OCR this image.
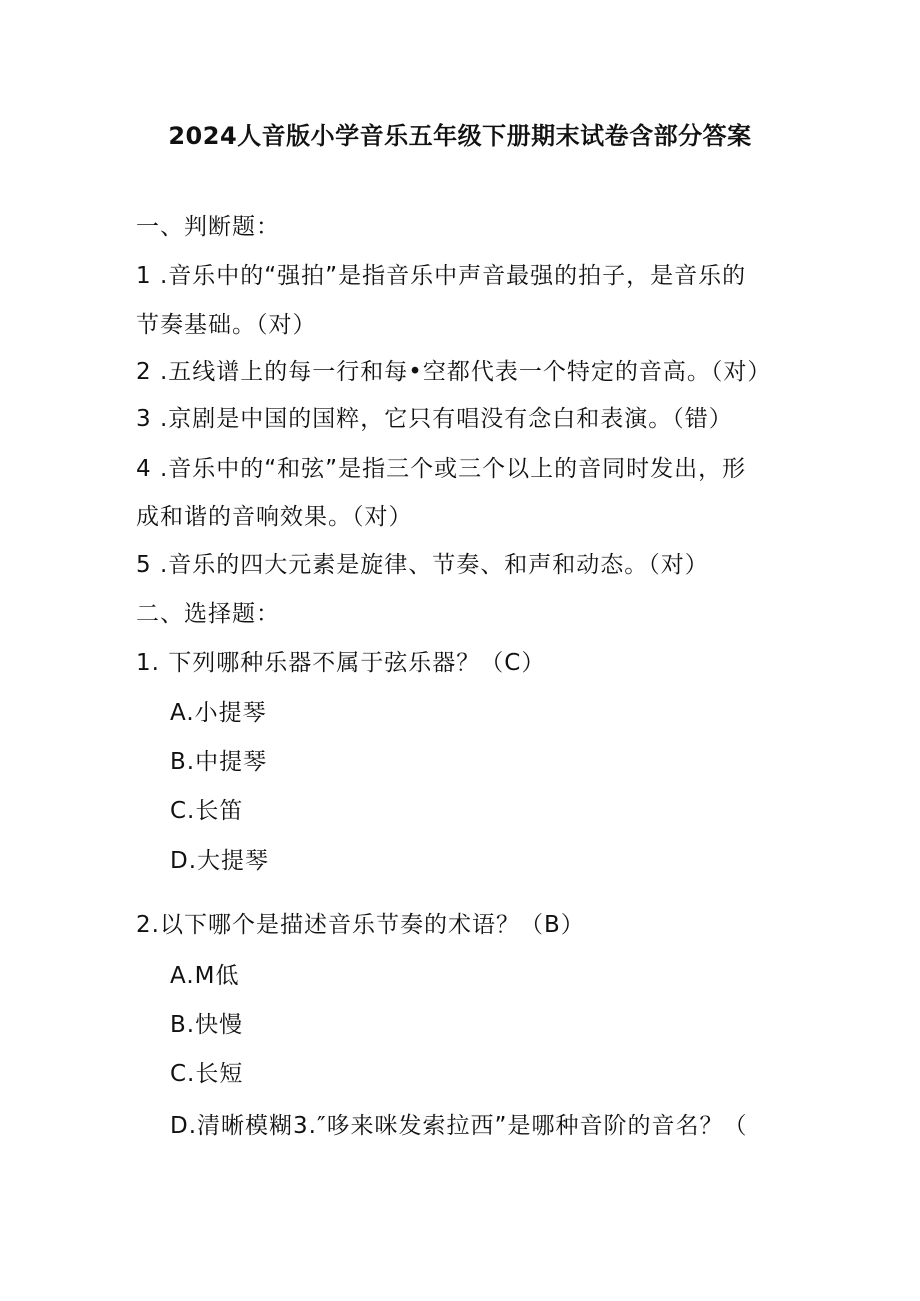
2024人音版小学音乐五年级下册期末试卷含部分答案
一、判断题：
1 .音乐中的“强拍”是指音乐中声音最强的拍子，是音乐的
节奏基础。（对）
2 .五线谱上的每一行和每•空都代表一个特定的音高。（对）
3 .京剧是中国的国粹，它只有唱没有念白和表演。（错）
4 .音乐中的“和弦”是指三个或三个以上的音同时发出，形
成和谐的音响效果。（对）
5 .音乐的四大元素是旋律、节奏、和声和动态。（对）
二、选择题：
1. 下列哪种乐器不属于弦乐器？（C）
A.小提琴
B.中提琴
C.长笛
D.大提琴
2.以下哪个是描述音乐节奏的术语？（B）
A.M低
B.快慢
C.长短
D.清晰模糊3.″哆来咪发索拉西”是哪种音阶的音名？（
